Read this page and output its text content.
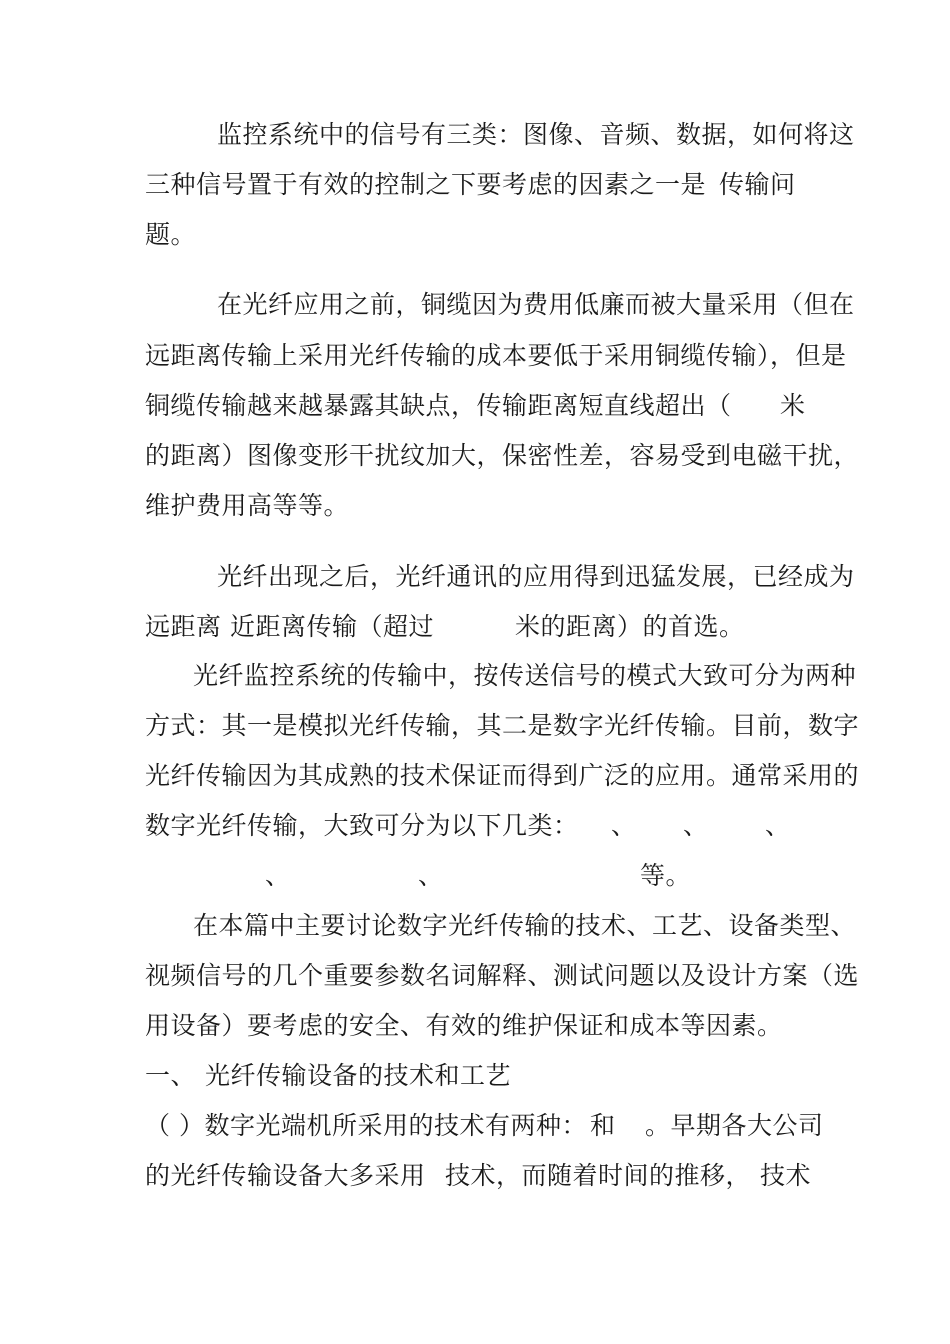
监控系统中的信号有三类：图像、音频、数据，如何将这
三种信号置于有效的控制之下要考虑的因素之一是 传输问
题。
在光纤应用之前，铜缆因为费用低廉而被大量采用（但在
远距离传输上采用光纤传输的成本要低于采用铜缆传输），但是
铜缆传输越来越暴露其缺点，传输距离短直线超出（ 米
的距离）图像变形干扰纹加大，保密性差，容易受到电磁干扰，
维护费用高等等。
光纤出现之后，光纤通讯的应用得到迅猛发展，已经成为
远距离 近距离传输（超过	米的距离）的首选。
光纤监控系统的传输中，按传送信号的模式大致可分为两种
方式：其一是模拟光纤传输，其二是数字光纤传输。目前，数字
光纤传输因为其成熟的技术保证而得到广泛的应用。通常采用的
数字光纤传输，大致可分为以下几类： 、 、 、
、	、	等。
在本篇中主要讨论数字光纤传输的技术、工艺、设备类型、
视频信号的几个重要参数名词解释、测试问题以及设计方案（选
用设备）要考虑的安全、有效的维护保证和成本等因素。
一、 光纤传输设备的技术和工艺
（ ）数字光端机所采用的技术有两种： 和 。早期各大公司
的光纤传输设备大多采用 技术，而随着时间的推移， 技术
